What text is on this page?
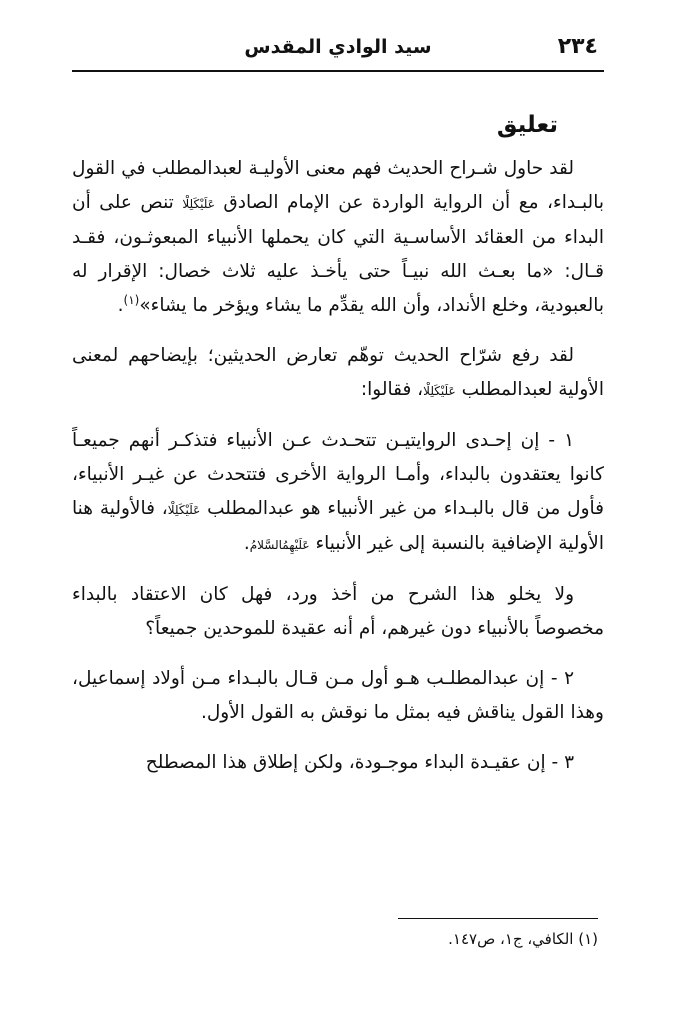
٢٣٤
سيد الوادي المقدس
تعليق

لقد حاول شـراح الحديث فهم معنى الأوليـة لعبدالمطلب في القول بالبـداء، مع أن الرواية الواردة عن الإمام الصادق عَلَيْكَلِلْا تنص على أن البداء من العقائد الأساسـية التي كان يحملها الأنبياء المبعوثـون، فقـد قـال: «ما بعـث الله نبيـاً حتى يأخـذ عليه ثلاث خصال: الإقرار له بالعبودية، وخلع الأنداد، وأن الله يقدِّم ما يشاء ويؤخر ما يشاء»$^{(١)}$.

لقد رفع شرّاح الحديث توهّم تعارض الحديثين؛ بإيضاحهم لمعنى الأولية لعبدالمطلب عَلَيْكَلِلْا، فقالوا:

١ - إن إحـدى الروايتيـن تتحـدث عـن الأنبياء فتذكـر أنهم جميعـاً كانوا يعتقدون بالبداء، وأمـا الرواية الأخرى فتتحدث عن غيـر الأنبياء، فأول من قال بالبـداء من غير الأنبياء هو عبدالمطلب عَلَيْكَلِلْا، فالأولية هنا الأولية الإضافية بالنسبة إلى غير الأنبياء عَلَيْهِمُالسَّلامُ.

ولا يخلو هذا الشرح من أخذ ورد، فهل كان الاعتقاد بالبداء مخصوصاً بالأنبياء دون غيرهم، أم أنه عقيدة للموحدين جميعاً؟

٢ - إن عبدالمطلـب هـو أول مـن قـال بالبـداء مـن أولاد إسماعيل، وهذا القول يناقش فيه بمثل ما نوقش به القول الأول.

٣ - إن عقيـدة البداء موجـودة، ولكن إطلاق هذا المصطلح

(١) الكافي، ج١، ص١٤٧.
